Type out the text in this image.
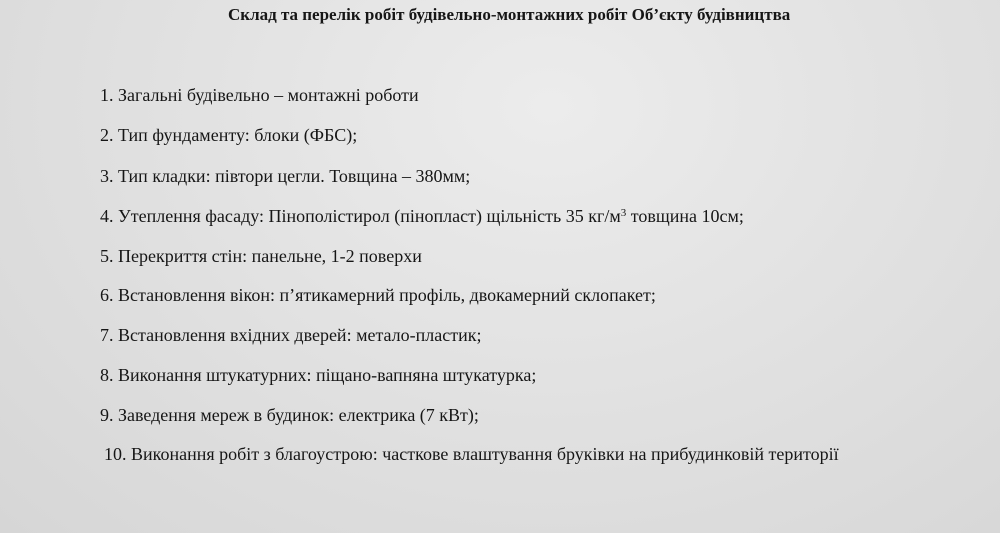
Склад та перелік робіт будівельно-монтажних робіт Об’єкту будівництва
1. Загальні будівельно – монтажні роботи
2. Тип фундаменту: блоки (ФБС);
3. Тип кладки: півтори цегли. Товщина – 380мм;
4. Утеплення фасаду: Пінополістирол (пінопласт) щільність 35 $кг/м^3$ товщина 10см;
5. Перекриття стін: панельне, 1-2 поверхи
6. Встановлення вікон: п’ятикамерний профіль, двокамерний склопакет;
7. Встановлення вхідних дверей: метало-пластик;
8. Виконання штукатурних: піщано-вапняна штукатурка;
9. Заведення мереж в будинок: електрика (7 кВт);
10. Виконання робіт з благоустрою: часткове влаштування бруківки на прибудинковій території
